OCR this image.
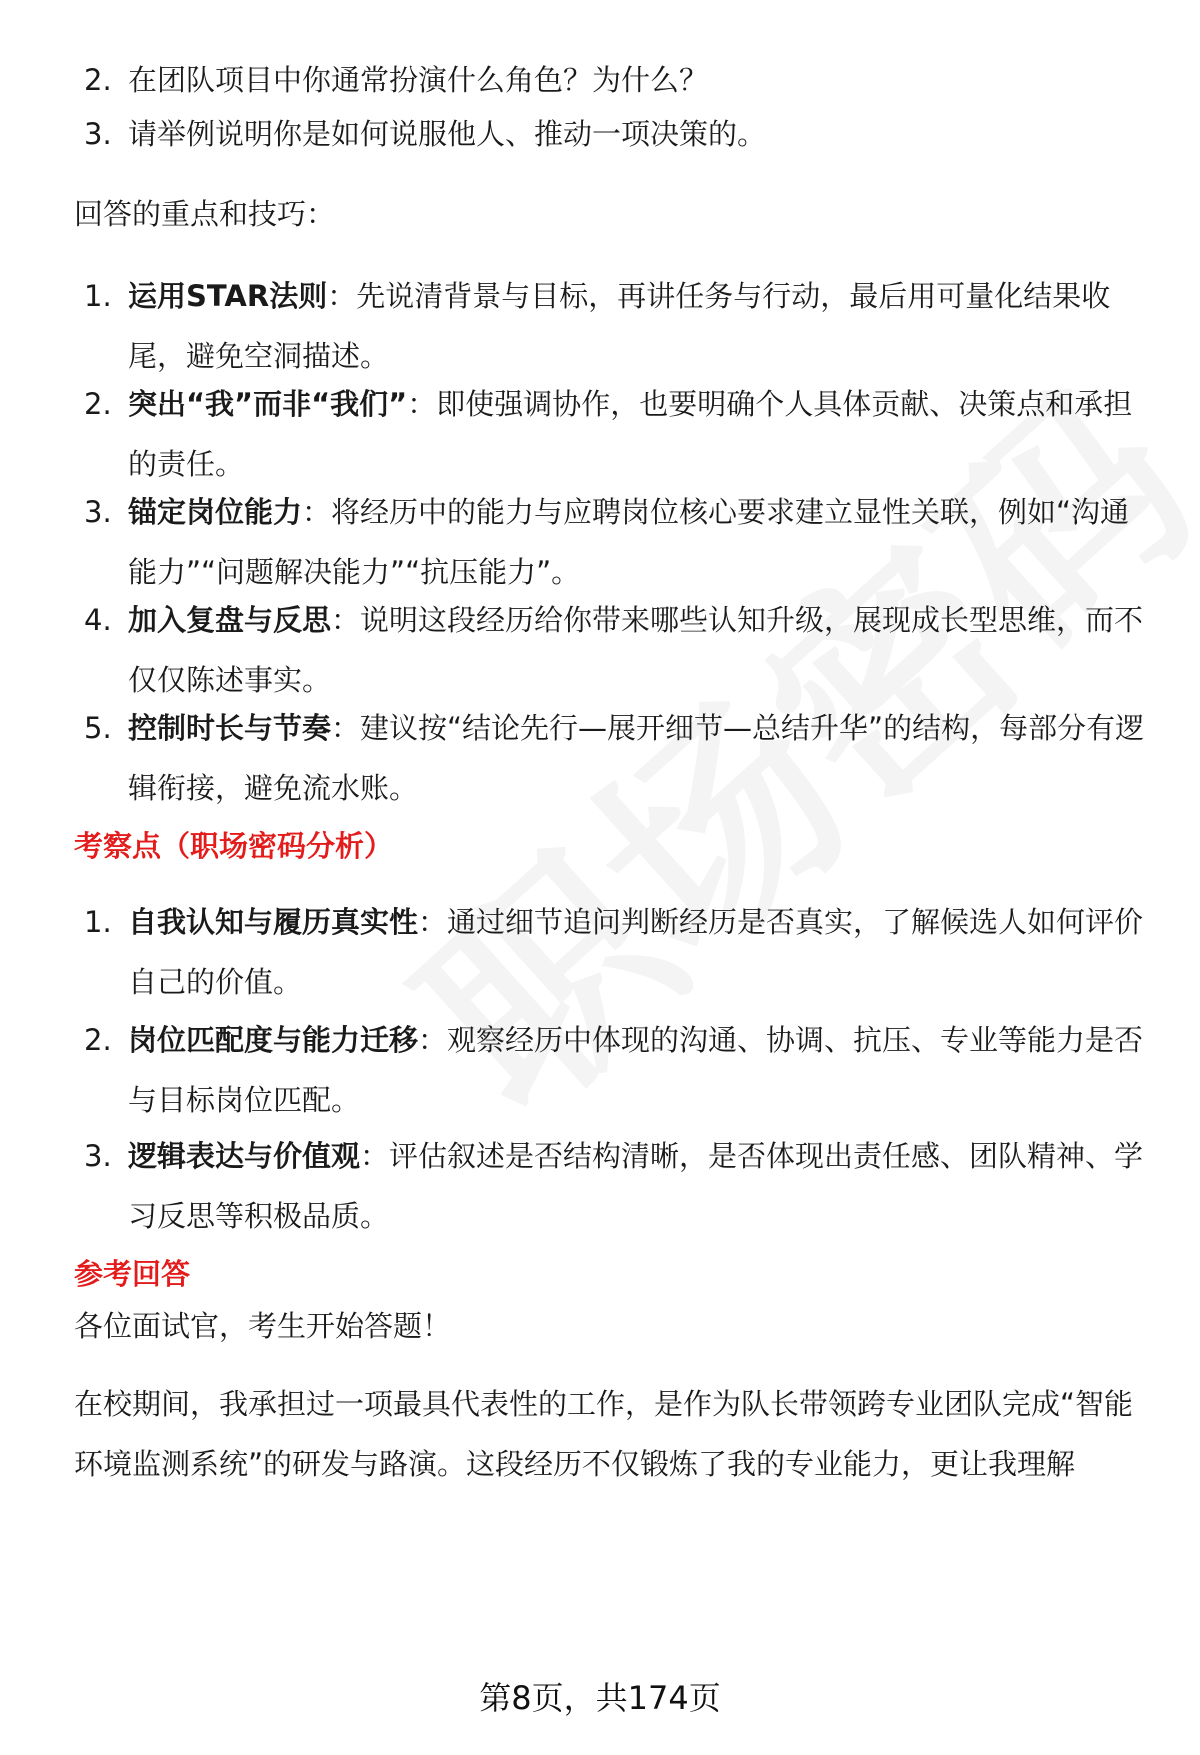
2. 在团队项目中你通常扮演什么角色？为什么？
3. 请举例说明你是如何说服他人、推动一项决策的。
回答的重点和技巧：
1. 运用STAR法则：先说清背景与目标，再讲任务与行动，最后用可量化结果收尾，避免空洞描述。
2. 突出“我”而非“我们”：即使强调协作，也要明确个人具体贡献、决策点和承担的责任。
3. 锚定岗位能力：将经历中的能力与应聘岗位核心要求建立显性关联，例如“沟通能力”“问题解决能力”“抗压能力”。
4. 加入复盘与反思：说明这段经历给你带来哪些认知升级，展现成长型思维，而不仅仅陈述事实。
5. 控制时长与节奏：建议按“结论先行—展开细节—总结升华”的结构，每部分有逻辑衔接，避免流水账。
考察点（职场密码分析）
1. 自我认知与履历真实性：通过细节追问判断经历是否真实，了解候选人如何评价自己的价值。
2. 岗位匹配度与能力迁移：观察经历中体现的沟通、协调、抗压、专业等能力是否与目标岗位匹配。
3. 逻辑表达与价值观：评估叙述是否结构清晰，是否体现出责任感、团队精神、学习反思等积极品质。
参考回答
各位面试官，考生开始答题！
在校期间，我承担过一项最具代表性的工作，是作为队长带领跨专业团队完成“智能环境监测系统”的研发与路演。这段经历不仅锻炼了我的专业能力，更让我理解
第8页，共174页
